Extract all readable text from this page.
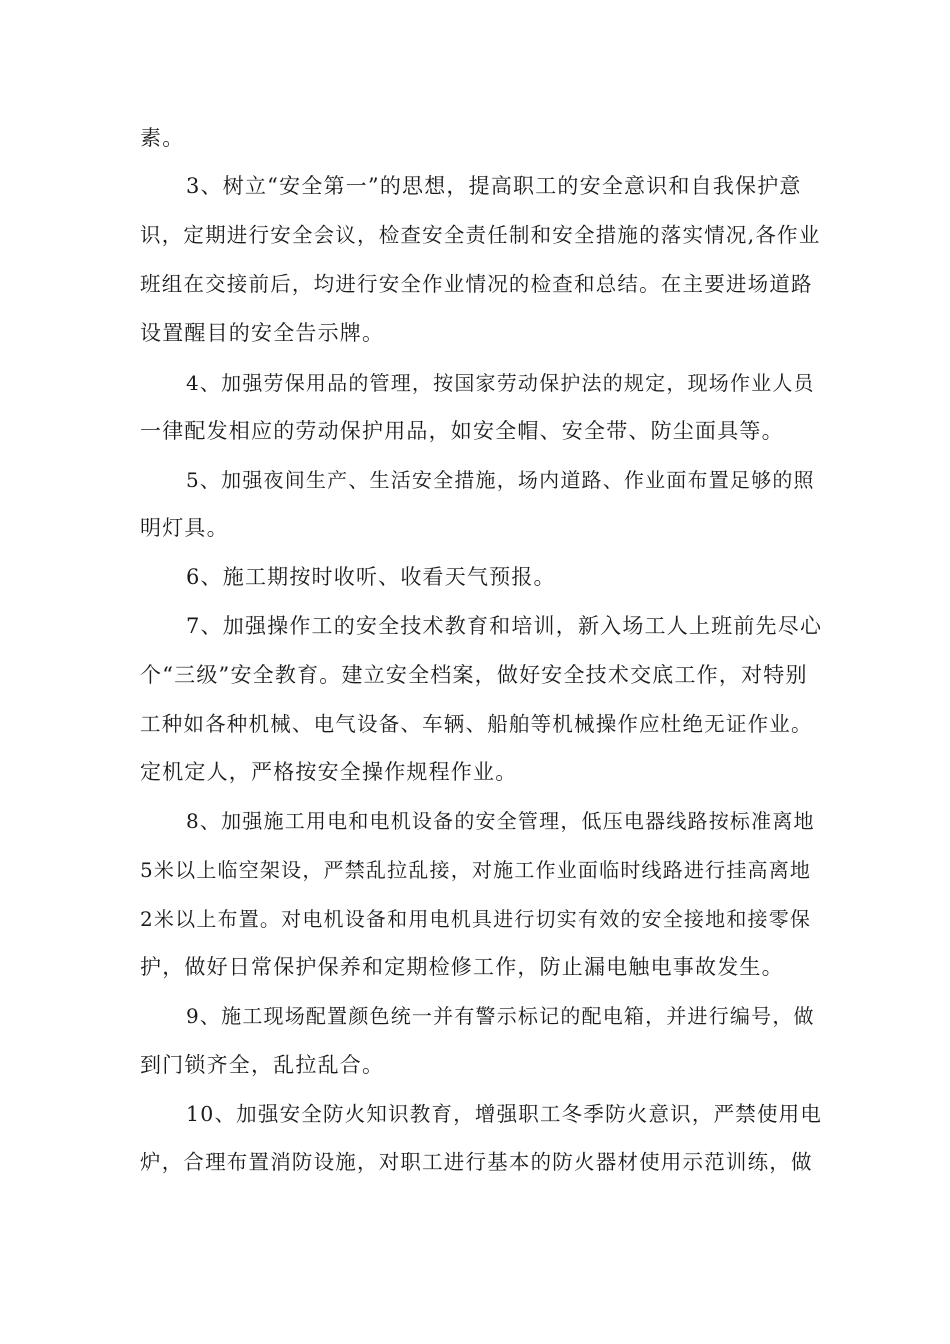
素。
3、树立“安全第一”的思想，提高职工的安全意识和自我保护意
识，定期进行安全会议，检查安全责任制和安全措施的落实情况,各作业
班组在交接前后，均进行安全作业情况的检查和总结。在主要进场道路
设置醒目的安全告示牌。
4、加强劳保用品的管理，按国家劳动保护法的规定，现场作业人员
一律配发相应的劳动保护用品，如安全帽、安全带、防尘面具等。
5、加强夜间生产、生活安全措施，场内道路、作业面布置足够的照
明灯具。
6、施工期按时收听、收看天气预报。
7、加强操作工的安全技术教育和培训，新入场工人上班前先尽心
个“三级”安全教育。建立安全档案，做好安全技术交底工作，对特别
工种如各种机械、电气设备、车辆、船舶等机械操作应杜绝无证作业。
定机定人，严格按安全操作规程作业。
8、加强施工用电和电机设备的安全管理，低压电器线路按标准离地
5米以上临空架设，严禁乱拉乱接，对施工作业面临时线路进行挂高离地
2米以上布置。对电机设备和用电机具进行切实有效的安全接地和接零保
护，做好日常保护保养和定期检修工作，防止漏电触电事故发生。
9、施工现场配置颜色统一并有警示标记的配电箱，并进行编号，做
到门锁齐全，乱拉乱合。
10、加强安全防火知识教育，增强职工冬季防火意识，严禁使用电
炉，合理布置消防设施，对职工进行基本的防火器材使用示范训练，做
